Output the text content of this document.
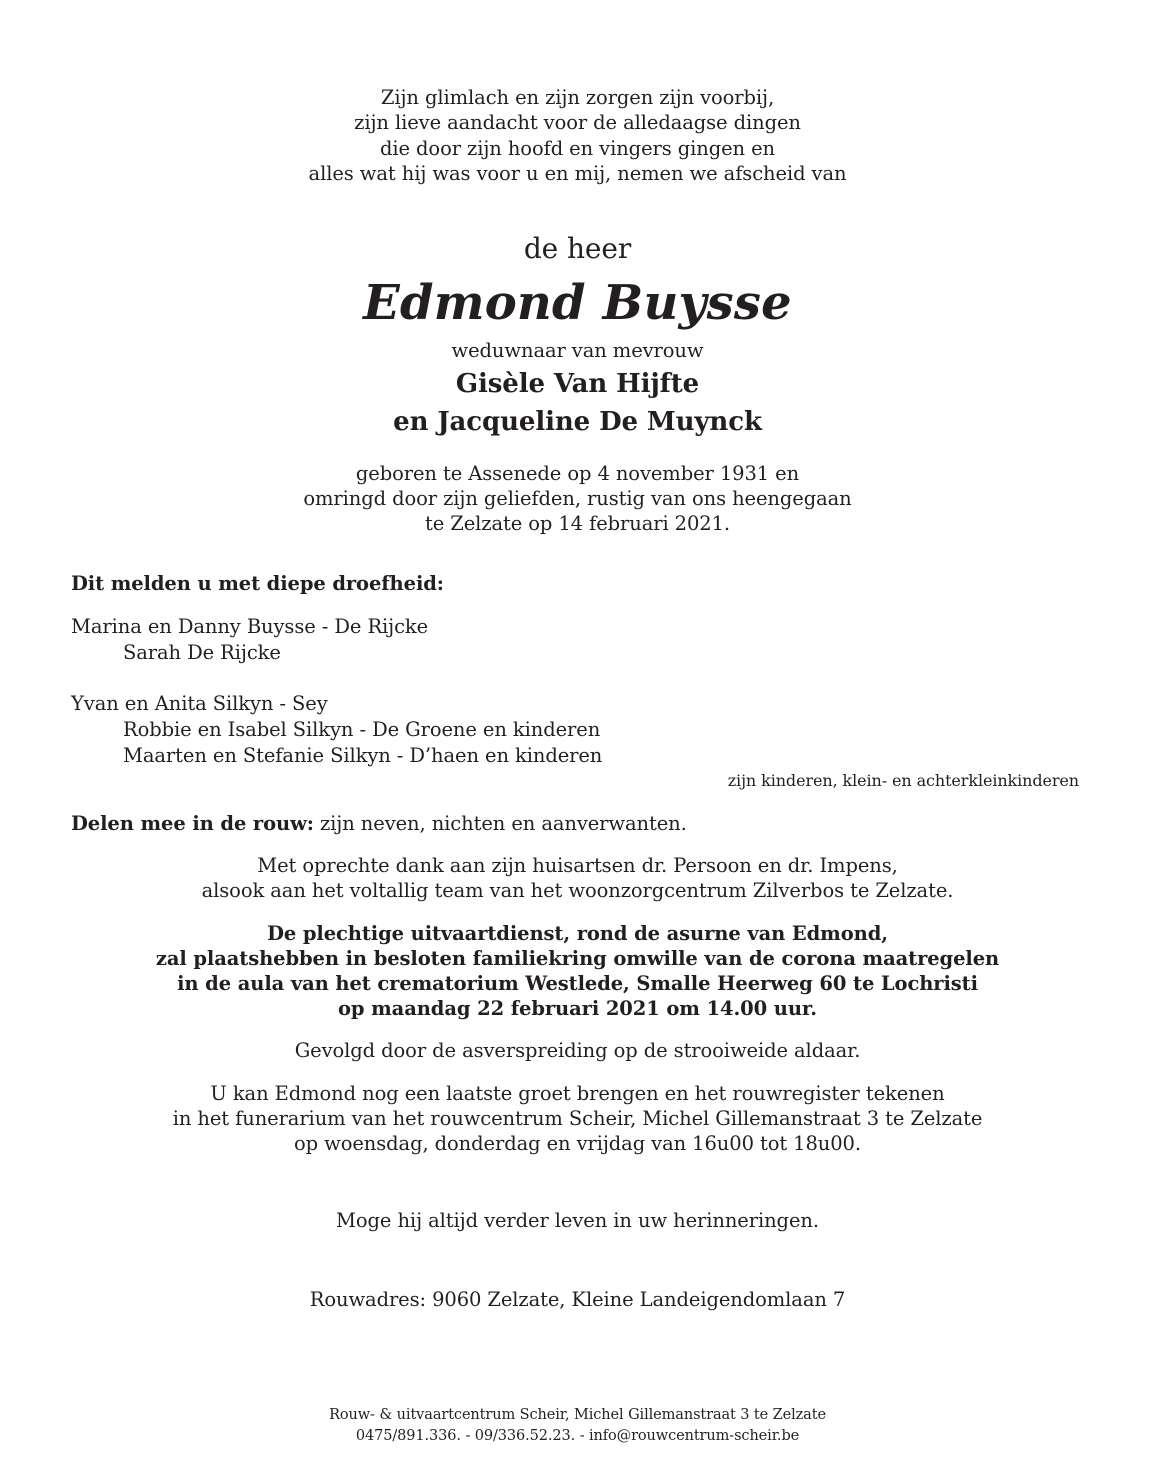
Zijn glimlach en zijn zorgen zijn voorbij,
zijn lieve aandacht voor de alledaagse dingen
die door zijn hoofd en vingers gingen en
alles wat hij was voor u en mij, nemen we afscheid van
de heer
Edmond Buysse
weduwnaar van mevrouw
Gisèle Van Hijfte
en Jacqueline De Muynck
geboren te Assenede op 4 november 1931 en
omringd door zijn geliefden, rustig van ons heengegaan
te Zelzate op 14 februari 2021.
Dit melden u met diepe droefheid:
Marina en Danny Buysse - De Rijcke
Sarah De Rijcke
Yvan en Anita Silkyn - Sey
Robbie en Isabel Silkyn - De Groene en kinderen
Maarten en Stefanie Silkyn - D’haen en kinderen
zijn kinderen, klein- en achterkleinkinderen
Delen mee in de rouw: zijn neven, nichten en aanverwanten.
Met oprechte dank aan zijn huisartsen dr. Persoon en dr. Impens,
alsook aan het voltallig team van het woonzorgcentrum Zilverbos te Zelzate.
De plechtige uitvaartdienst, rond de asurne van Edmond,
zal plaatshebben in besloten familiekring omwille van de corona maatregelen
in de aula van het crematorium Westlede, Smalle Heerweg 60 te Lochristi
op maandag 22 februari 2021 om 14.00 uur.
Gevolgd door de asverspreiding op de strooiweide aldaar.
U kan Edmond nog een laatste groet brengen en het rouwregister tekenen
in het funerarium van het rouwcentrum Scheir, Michel Gillemanstraat 3 te Zelzate
op woensdag, donderdag en vrijdag van 16u00 tot 18u00.
Moge hij altijd verder leven in uw herinneringen.
Rouwadres: 9060 Zelzate, Kleine Landeigendomlaan 7
Rouw- & uitvaartcentrum Scheir, Michel Gillemanstraat 3 te Zelzate
0475/891.336. - 09/336.52.23. - info@rouwcentrum-scheir.be
